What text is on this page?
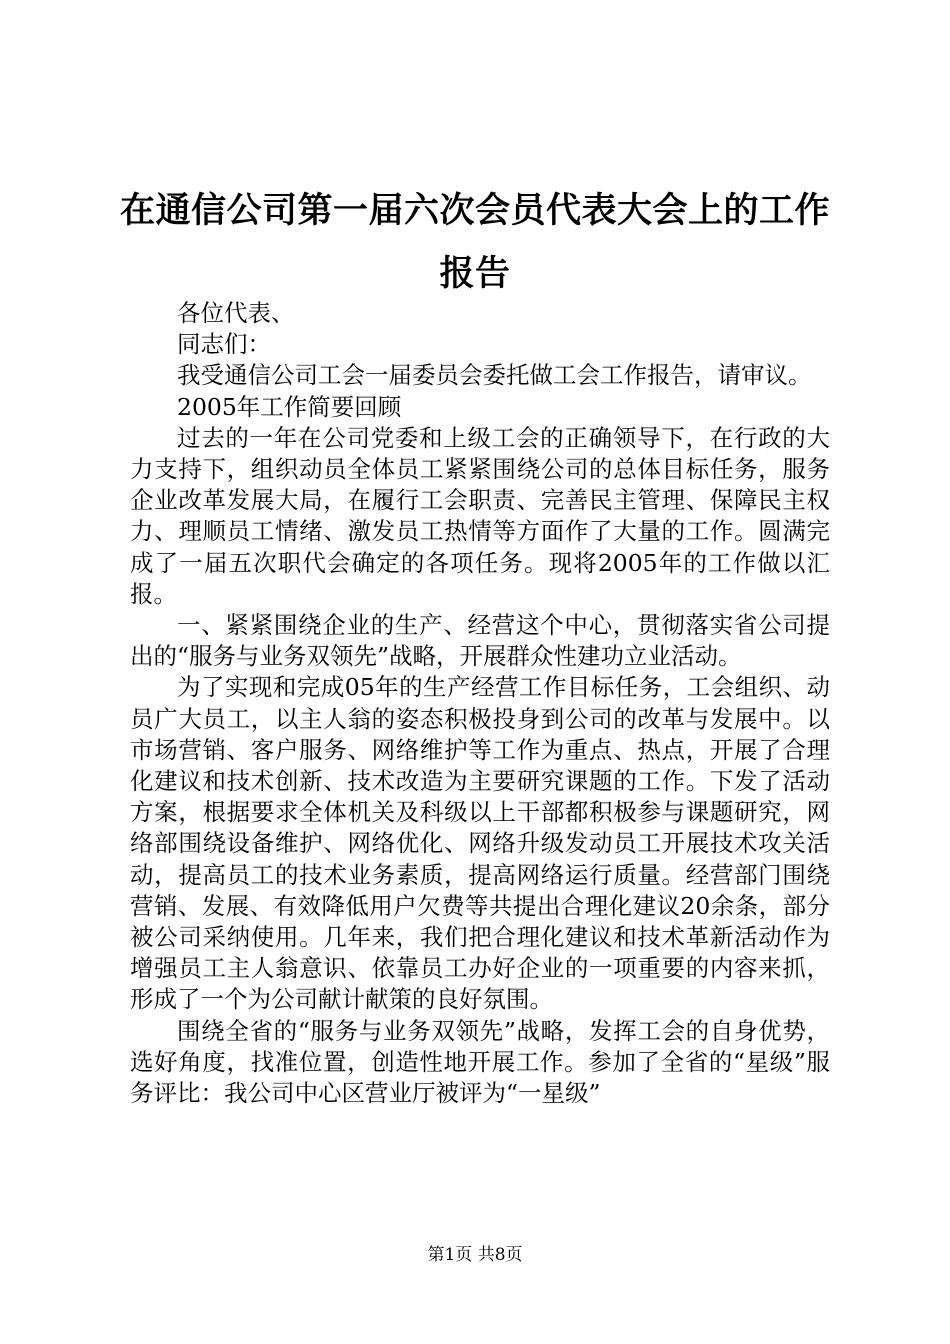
在通信公司第一届六次会员代表大会上的工作
报告

各位代表、

同志们：

我受通信公司工会一届委员会委托做工会工作报告，请审议。

2005年工作简要回顾

过去的一年在公司党委和上级工会的正确领导下，在行政的大力支持下，组织动员全体员工紧紧围绕公司的总体目标任务，服务企业改革发展大局，在履行工会职责、完善民主管理、保障民主权力、理顺员工情绪、激发员工热情等方面作了大量的工作。圆满完成了一届五次职代会确定的各项任务。现将2005年的工作做以汇报。

一、紧紧围绕企业的生产、经营这个中心，贯彻落实省公司提出的“服务与业务双领先”战略，开展群众性建功立业活动。

为了实现和完成05年的生产经营工作目标任务，工会组织、动员广大员工，以主人翁的姿态积极投身到公司的改革与发展中。以市场营销、客户服务、网络维护等工作为重点、热点，开展了合理化建议和技术创新、技术改造为主要研究课题的工作。下发了活动方案，根据要求全体机关及科级以上干部都积极参与课题研究，网络部围绕设备维护、网络优化、网络升级发动员工开展技术攻关活动，提高员工的技术业务素质，提高网络运行质量。经营部门围绕营销、发展、有效降低用户欠费等共提出合理化建议20余条，部分被公司采纳使用。几年来，我们把合理化建议和技术革新活动作为增强员工主人翁意识、依靠员工办好企业的一项重要的内容来抓，形成了一个为公司献计献策的良好氛围。

围绕全省的“服务与业务双领先”战略，发挥工会的自身优势，选好角度，找准位置，创造性地开展工作。参加了全省的“星级”服务评比：我公司中心区营业厅被评为“一星级”

第1页 共8页
